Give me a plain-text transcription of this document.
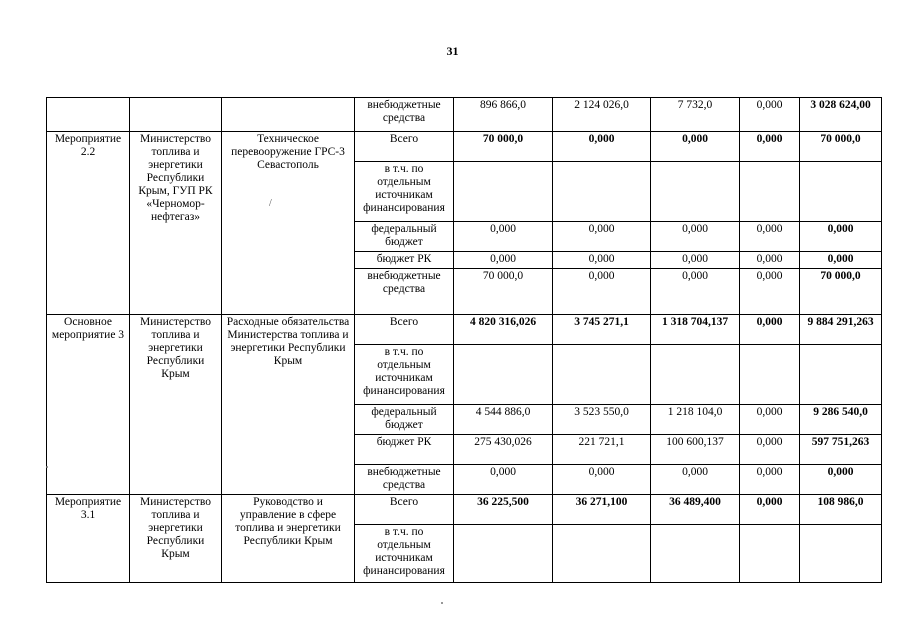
31
			внебюджетные средства	896 866,0	2 124 026,0	7 732,0	0,000	3 028 624,00
Мероприятие 2.2	Министерство топлива и энергетики Республики Крым, ГУП РК «Черномор-нефтегаз»	Техническое перевооружение ГРС-3 Севастополь	Всего	70 000,0	0,000	0,000	0,000	70 000,0
			в т.ч. по отдельным источникам финансирования					
			федеральный бюджет	0,000	0,000	0,000	0,000	0,000
			бюджет РК	0,000	0,000	0,000	0,000	0,000
			внебюджетные средства	70 000,0	0,000	0,000	0,000	70 000,0
Основное мероприятие 3	Министерство топлива и энергетики Республики Крым	Расходные обязательства Министерства топлива и энергетики Республики Крым	Всего	4 820 316,026	3 745 271,1	1 318 704,137	0,000	9 884 291,263
			в т.ч. по отдельным источникам финансирования					
			федеральный бюджет	4 544 886,0	3 523 550,0	1 218 104,0	0,000	9 286 540,0
			бюджет РК	275 430,026	221 721,1	100 600,137	0,000	597 751,263
			внебюджетные средства	0,000	0,000	0,000	0,000	0,000
Мероприятие 3.1	Министерство топлива и энергетики Республики Крым	Руководство и управление в сфере топлива и энергетики Республики Крым	Всего	36 225,500	36 271,100	36 489,400	0,000	108 986,0
			в т.ч. по отдельным источникам финансирования					
/
